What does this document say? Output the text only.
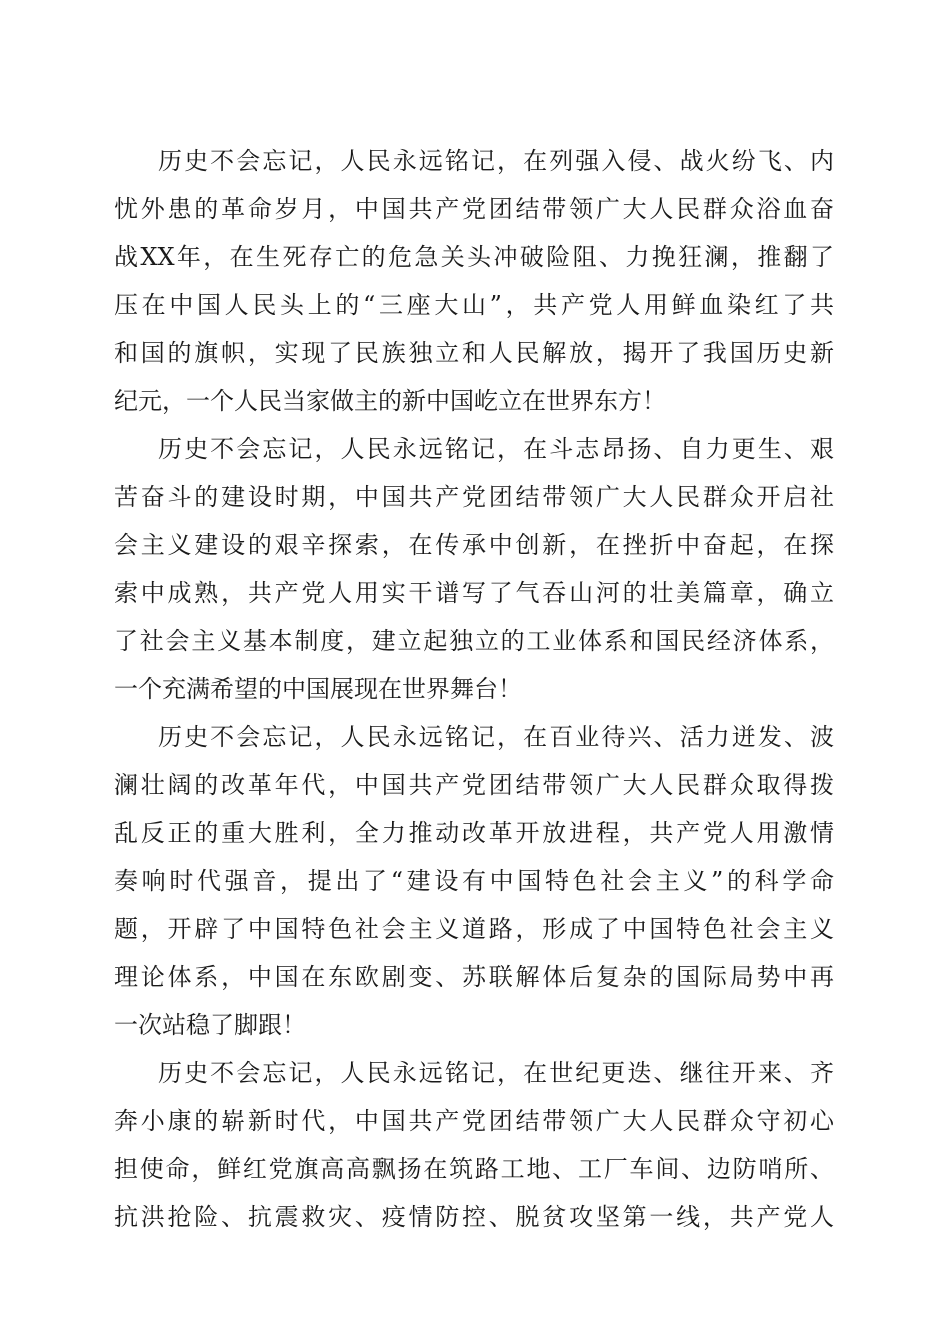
历史不会忘记，人民永远铭记，在列强入侵、战火纷飞、内
忧外患的革命岁月，中国共产党团结带领广大人民群众浴血奋
战XX年，在生死存亡的危急关头冲破险阻、力挽狂澜，推翻了
压在中国人民头上的“三座大山”，共产党人用鲜血染红了共
和国的旗帜，实现了民族独立和人民解放，揭开了我国历史新
纪元，一个人民当家做主的新中国屹立在世界东方！
历史不会忘记，人民永远铭记，在斗志昂扬、自力更生、艰
苦奋斗的建设时期，中国共产党团结带领广大人民群众开启社
会主义建设的艰辛探索，在传承中创新，在挫折中奋起，在探
索中成熟，共产党人用实干谱写了气吞山河的壮美篇章，确立
了社会主义基本制度，建立起独立的工业体系和国民经济体系，
一个充满希望的中国展现在世界舞台！
历史不会忘记，人民永远铭记，在百业待兴、活力迸发、波
澜壮阔的改革年代，中国共产党团结带领广大人民群众取得拨
乱反正的重大胜利，全力推动改革开放进程，共产党人用激情
奏响时代强音，提出了“建设有中国特色社会主义”的科学命
题，开辟了中国特色社会主义道路，形成了中国特色社会主义
理论体系，中国在东欧剧变、苏联解体后复杂的国际局势中再
一次站稳了脚跟！
历史不会忘记，人民永远铭记，在世纪更迭、继往开来、齐
奔小康的崭新时代，中国共产党团结带领广大人民群众守初心
担使命，鲜红党旗高高飘扬在筑路工地、工厂车间、边防哨所、
抗洪抢险、抗震救灾、疫情防控、脱贫攻坚第一线，共产党人
